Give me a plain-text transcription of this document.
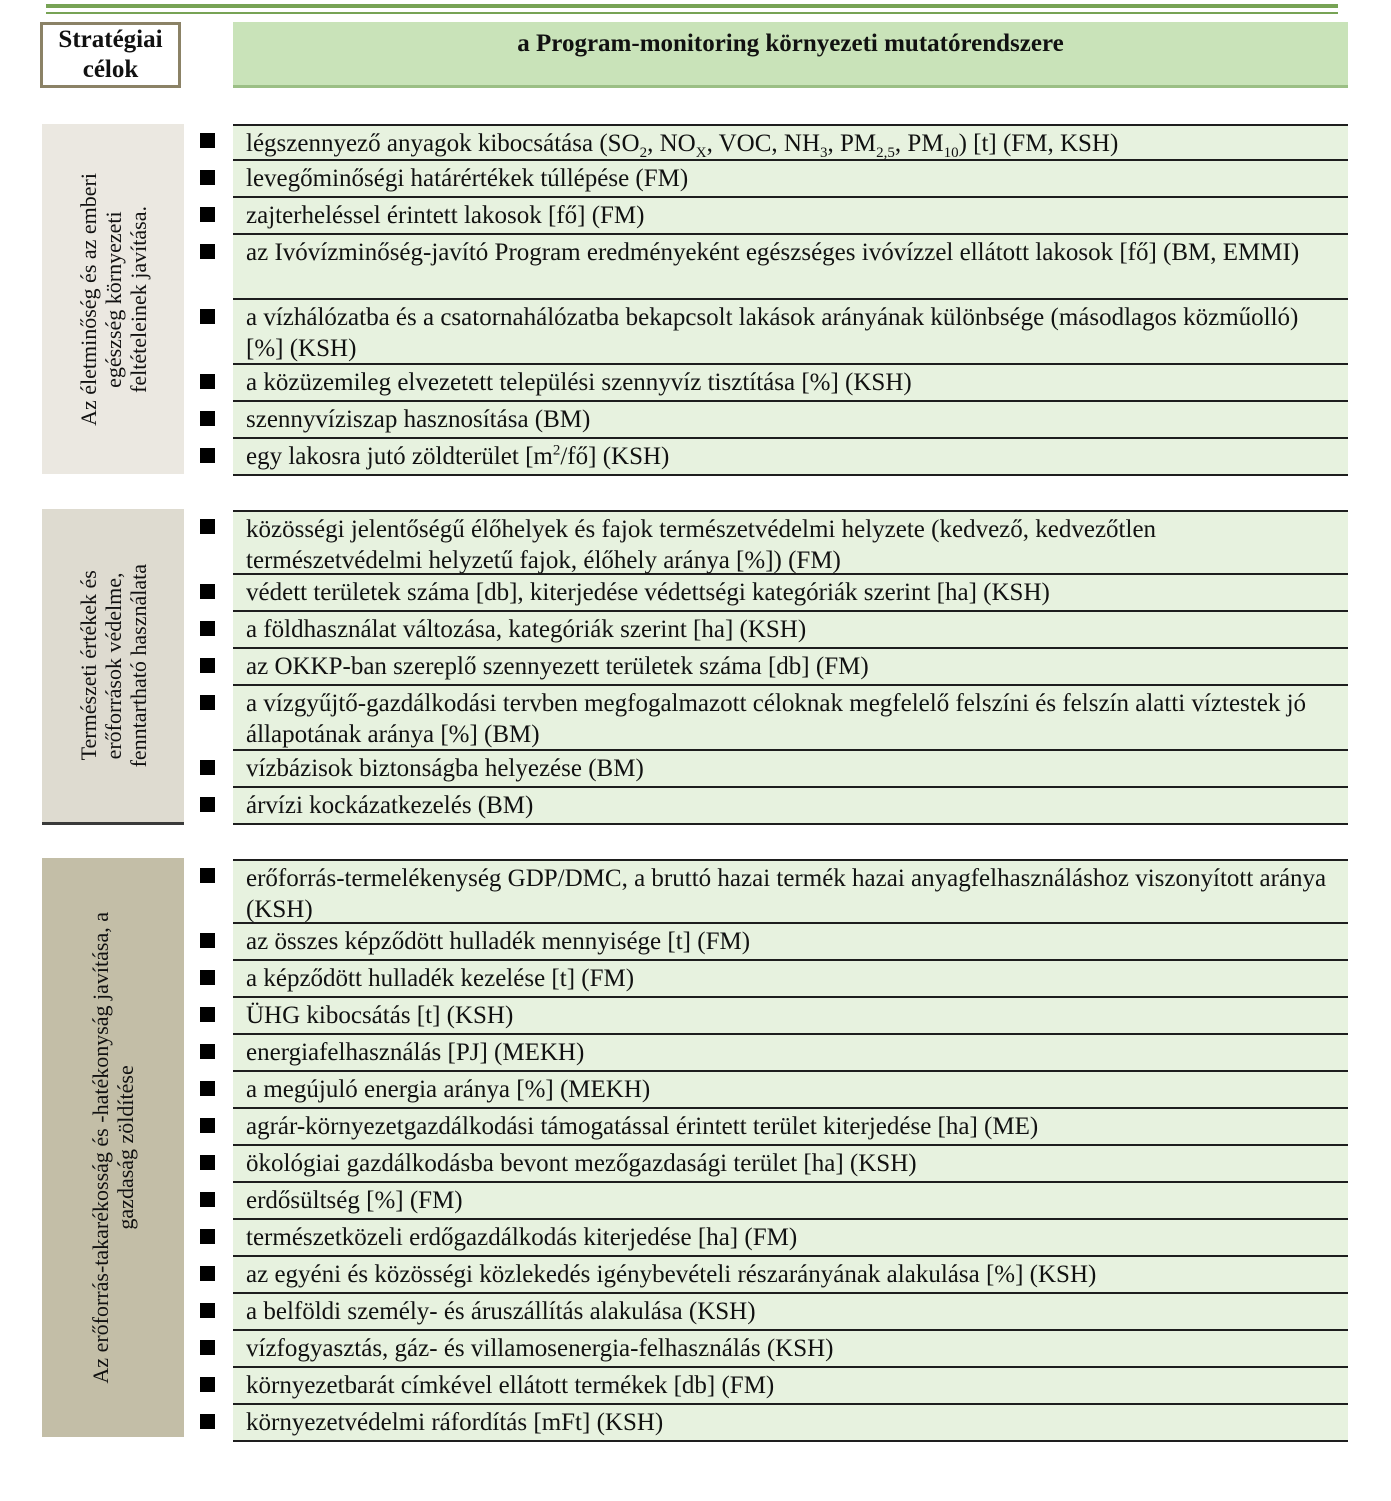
Stratégiai
célok
a Program-monitoring környezeti mutatórendszere
Az életminőség és az emberi egészség környezeti feltételeinek javítása.
légszennyező anyagok kibocsátása ($SO_2$, $NO_X$, VOC, $NH_3$, $PM_{2,5}$, $PM_{10}$) [t] (FM, KSH)
levegőminőségi határértékek túllépése (FM)
zajterheléssel érintett lakosok [fő] (FM)
az Ivóvízminőség-javító Program eredményeként egészséges ivóvízzel ellátott lakosok [fő] (BM, EMMI)
a vízhálózatba és a csatornahálózatba bekapcsolt lakások arányának különbsége (másodlagos közműolló) [%] (KSH)
a közüzemileg elvezetett települési szennyvíz tisztítása [%] (KSH)
szennyvíziszap hasznosítása (BM)
egy lakosra jutó zöldterület $[m^2/fő]$ (KSH)
Természeti értékek és erőforrások védelme, fenntartható használata
közösségi jelentőségű élőhelyek és fajok természetvédelmi helyzete (kedvező, kedvezőtlen természetvédelmi helyzetű fajok, élőhely aránya [%]) (FM)
védett területek száma [db], kiterjedése védettségi kategóriák szerint [ha] (KSH)
a földhasználat változása, kategóriák szerint [ha] (KSH)
az OKKP-ban szereplő szennyezett területek száma [db] (FM)
a vízgyűjtő-gazdálkodási tervben megfogalmazott céloknak megfelelő felszíni és felszín alatti víztestek jó állapotának aránya [%] (BM)
vízbázisok biztonságba helyezése (BM)
árvízi kockázatkezelés (BM)
Az erőforrás-takarékosság és -hatékonyság javítása, a gazdaság zöldítése
erőforrás-termelékenység GDP/DMC, a bruttó hazai termék hazai anyagfelhasználáshoz viszonyított aránya (KSH)
az összes képződött hulladék mennyisége [t] (FM)
a képződött hulladék kezelése [t] (FM)
ÜHG kibocsátás [t] (KSH)
energiafelhasználás [PJ] (MEKH)
a megújuló energia aránya [%] (MEKH)
agrár-környezetgazdálkodási támogatással érintett terület kiterjedése [ha] (ME)
ökológiai gazdálkodásba bevont mezőgazdasági terület [ha] (KSH)
erdősültség [%] (FM)
természetközeli erdőgazdálkodás kiterjedése [ha] (FM)
az egyéni és közösségi közlekedés igénybevételi részarányának alakulása [%] (KSH)
a belföldi személy- és áruszállítás alakulása (KSH)
vízfogyasztás, gáz- és villamosenergia-felhasználás (KSH)
környezetbarát címkével ellátott termékek [db] (FM)
környezetvédelmi ráfordítás [mFt] (KSH)
